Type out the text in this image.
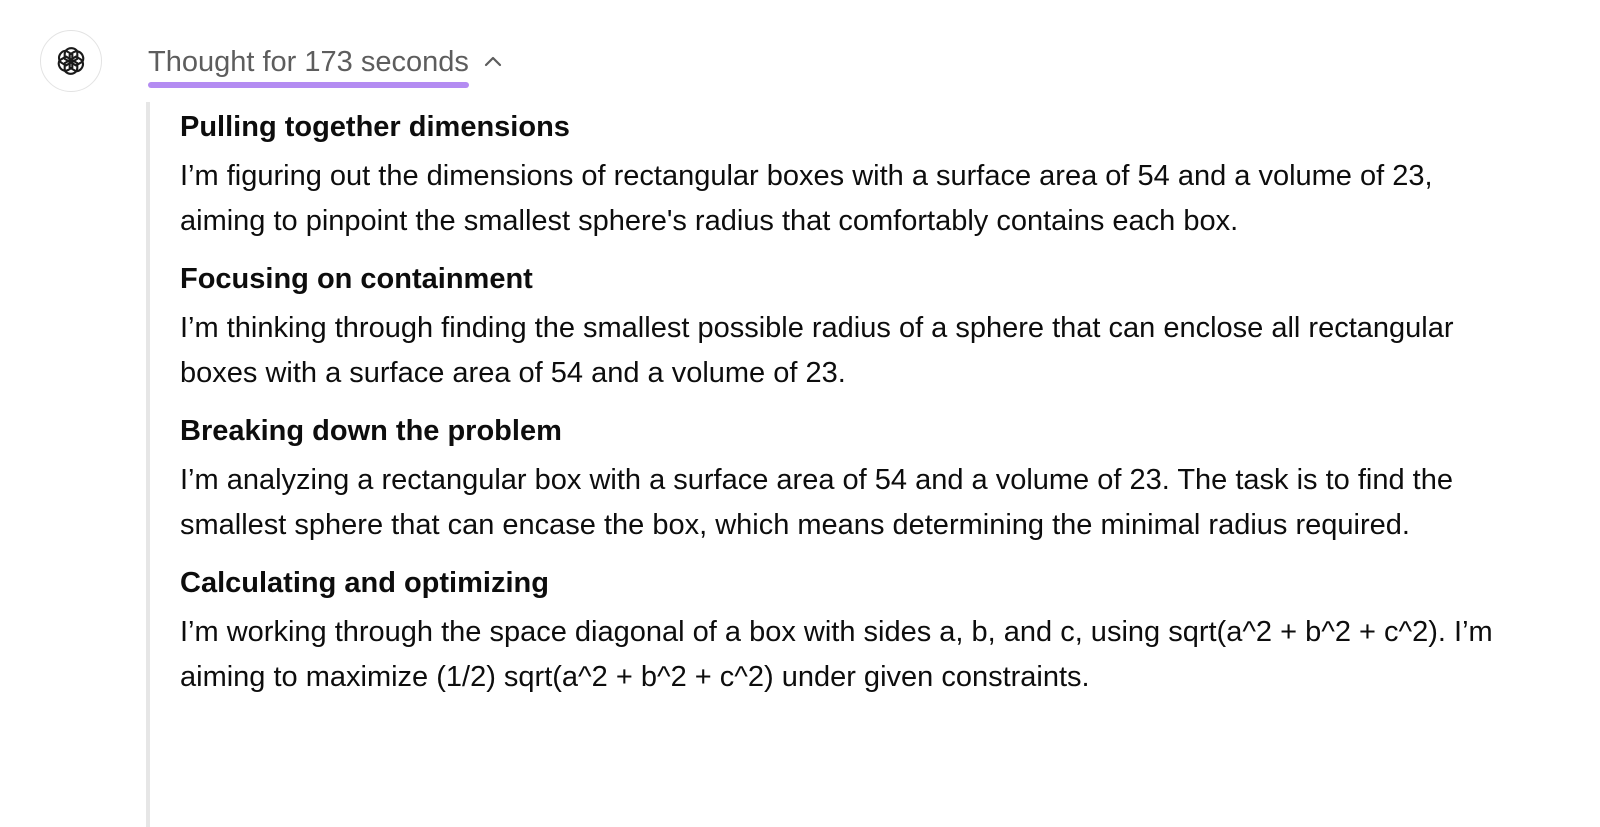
Thought for 173 seconds

Pulling together dimensions

I’m figuring out the dimensions of rectangular boxes with a surface area of 54 and a volume of 23, aiming to pinpoint the smallest sphere's radius that comfortably contains each box.

Focusing on containment

I’m thinking through finding the smallest possible radius of a sphere that can enclose all rectangular boxes with a surface area of 54 and a volume of 23.

Breaking down the problem

I’m analyzing a rectangular box with a surface area of 54 and a volume of 23. The task is to find the smallest sphere that can encase the box, which means determining the minimal radius required.

Calculating and optimizing

I’m working through the space diagonal of a box with sides a, b, and c, using sqrt(a^2 + b^2 + c^2). I’m aiming to maximize (1/2) sqrt(a^2 + b^2 + c^2) under given constraints.
